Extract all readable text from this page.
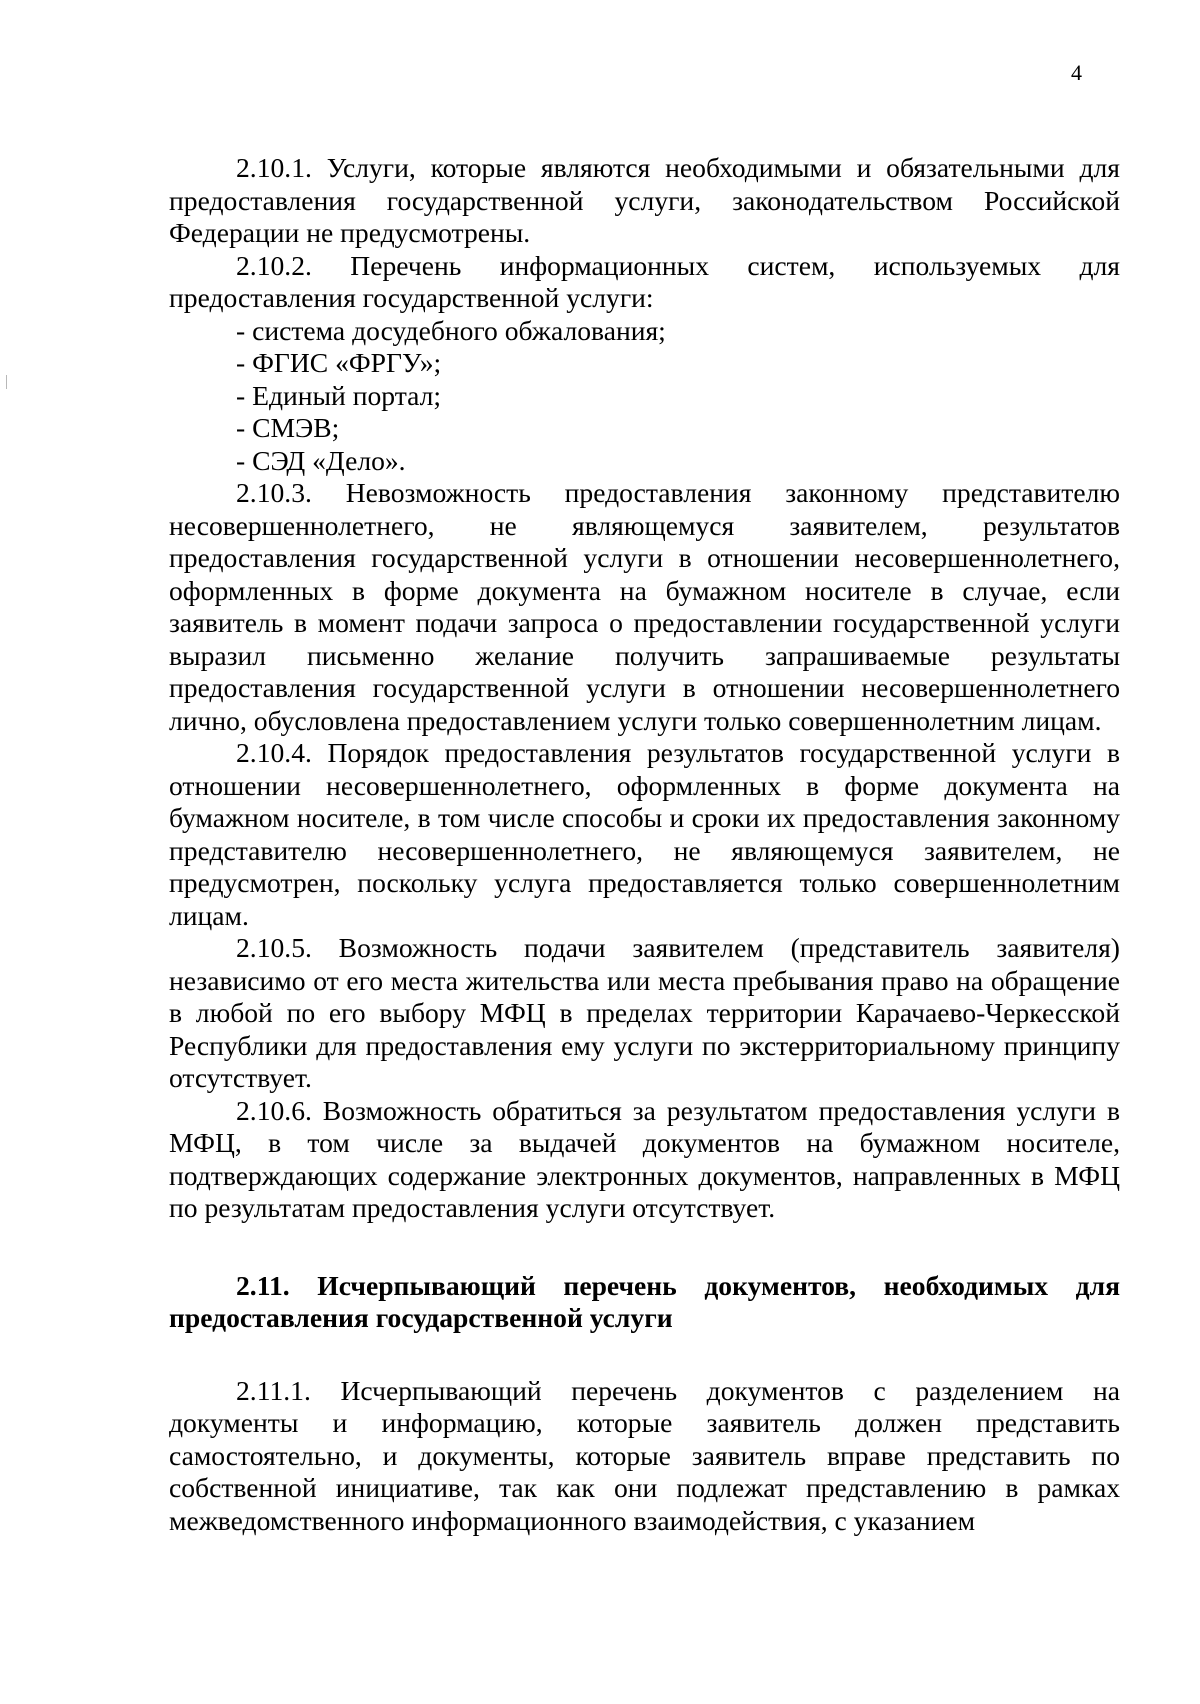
4

2.10.1. Услуги, которые являются необходимыми и обязательными для предоставления государственной услуги, законодательством Российской Федерации не предусмотрены.

2.10.2. Перечень информационных систем, используемых для предоставления государственной услуги:

- система досудебного обжалования;

- ФГИС «ФРГУ»;

- Единый портал;

- СМЭВ;

- СЭД «Дело».

2.10.3. Невозможность предоставления законному представителю несовершеннолетнего, не являющемуся заявителем, результатов предоставления государственной услуги в отношении несовершеннолетнего, оформленных в форме документа на бумажном носителе в случае, если заявитель в момент подачи запроса о предоставлении государственной услуги выразил письменно желание получить запрашиваемые результаты предоставления государственной услуги в отношении несовершеннолетнего лично, обусловлена предоставлением услуги только совершеннолетним лицам.

2.10.4. Порядок предоставления результатов государственной услуги в отношении несовершеннолетнего, оформленных в форме документа на бумажном носителе, в том числе способы и сроки их предоставления законному представителю несовершеннолетнего, не являющемуся заявителем, не предусмотрен, поскольку услуга предоставляется только совершеннолетним лицам.

2.10.5. Возможность подачи заявителем (представитель заявителя) независимо от его места жительства или места пребывания право на обращение в любой по его выбору МФЦ в пределах территории Карачаево-Черкесской Республики для предоставления ему услуги по экстерриториальному принципу отсутствует.

2.10.6. Возможность обратиться за результатом предоставления услуги в МФЦ, в том числе за выдачей документов на бумажном носителе, подтверждающих содержание электронных документов, направленных в МФЦ по результатам предоставления услуги отсутствует.

2.11. Исчерпывающий перечень документов, необходимых для предоставления государственной услуги

2.11.1. Исчерпывающий перечень документов с разделением на документы и информацию, которые заявитель должен представить самостоятельно, и документы, которые заявитель вправе представить по собственной инициативе, так как они подлежат представлению в рамках межведомственного информационного взаимодействия, с указанием
